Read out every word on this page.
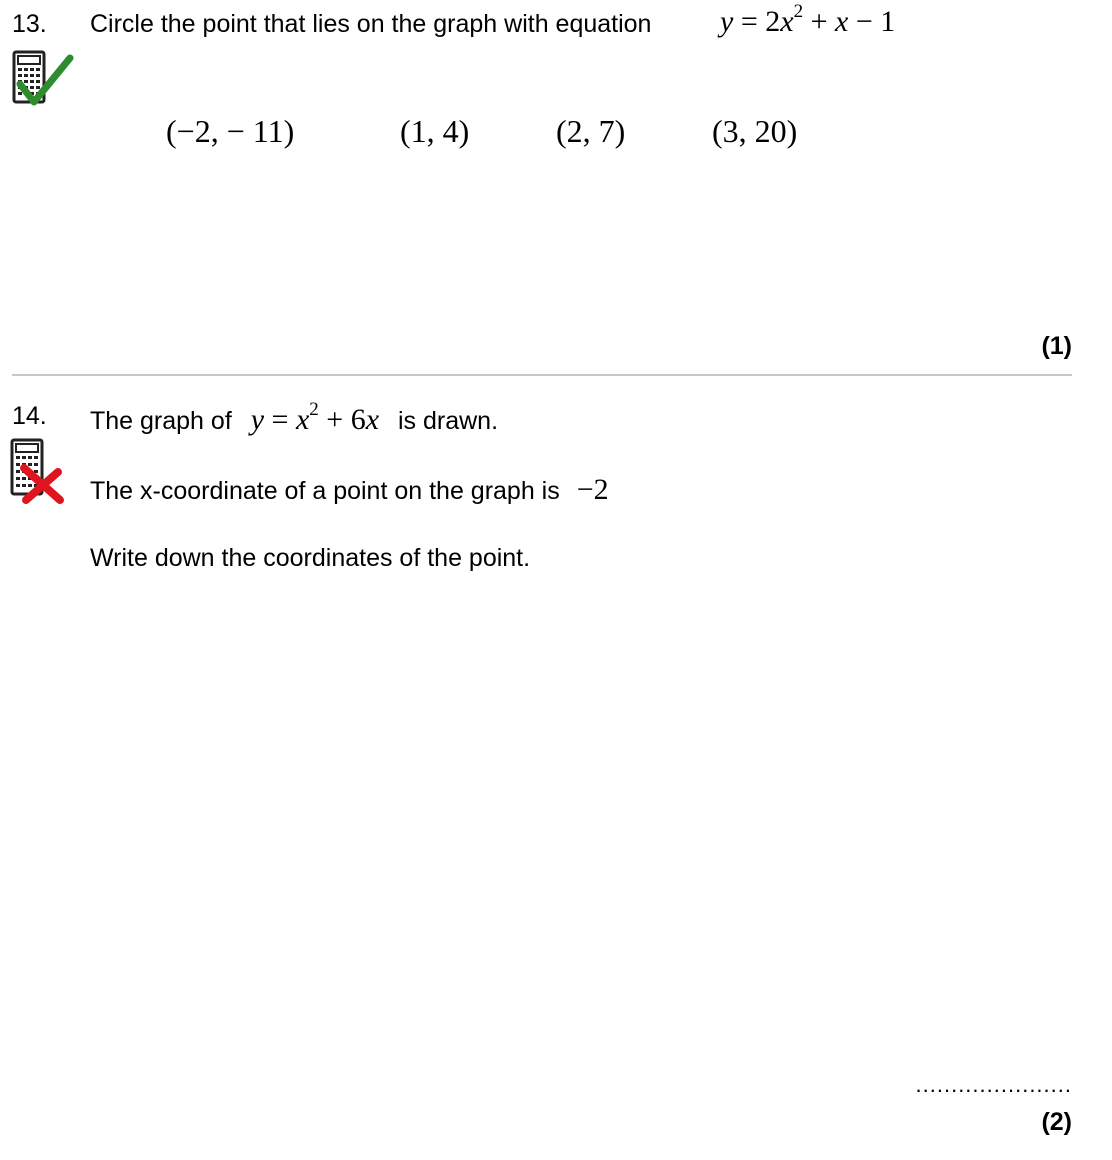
13. Circle the point that lies on the graph with equation $y = 2x^2 + x - 1$
(−2, − 11)	(1, 4)	(2, 7)	(3, 20)
(1)
14. The graph of $y = x^2 + 6x$ is drawn.
The x-coordinate of a point on the graph is −2
Write down the coordinates of the point.
......................
(2)
